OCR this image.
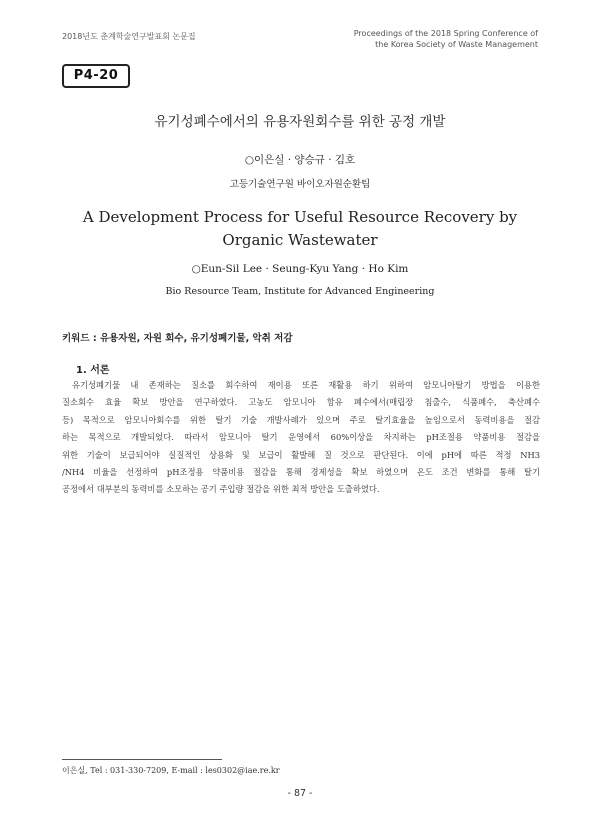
2018년도 춘계학술연구발표회 논문집	Proceedings of the 2018 Spring Conference of
the Korea Society of Waste Management
P4-20
유기성폐수에서의 유용자원회수를 위한 공정 개발
○이은실 · 양승규 · 김호
고등기술연구원 바이오자원순환팀
A Development Process for Useful Resource Recovery by
Organic Wastewater
○Eun-Sil Lee · Seung-Kyu Yang · Ho Kim
Bio Resource Team, Institute for Advanced Engineering
키워드 : 유용자원, 자원 회수, 유기성폐기물, 악취 저감
1. 서론
유기성폐기물 내 존재하는 질소를 회수하여 재이용 또른 재활용 하기 위하여 암모니아탈기 방법을 이용한
질소회수 효율 확보 방안을 연구하였다. 고농도 암모니아 함유 폐수에서(매립장 침출수, 식품폐수, 축산폐수
등) 목적으로 암모니아회수를 위한 탈기 기술 개발사례가 있으며 주로 탈기효율을 높임으로서 동력비용을 절감
하는 목적으로 개발되었다. 따라서 암모니아 탈기 운영에서 60%이상을 차지하는 pH조절용 약품비용 절감을
위한 기술이 보급되어야 실질적인 상용화 및 보급이 활발해 질 것으로 판단된다. 이에 pH에 따른 적정 NH3
/NH4 비율을 선정하여 pH조정용 약품비용 절감을 통해 경제성을 확보 하였으며 온도 조건 변화를 통해 탈기
공정에서 대부분의 동력비를 소모하는 공기 주입량 절감을 위한 최적 방안을 도출하였다.
이은실, Tel : 031-330-7209, E-mail : les0302@iae.re.kr
- 87 -
